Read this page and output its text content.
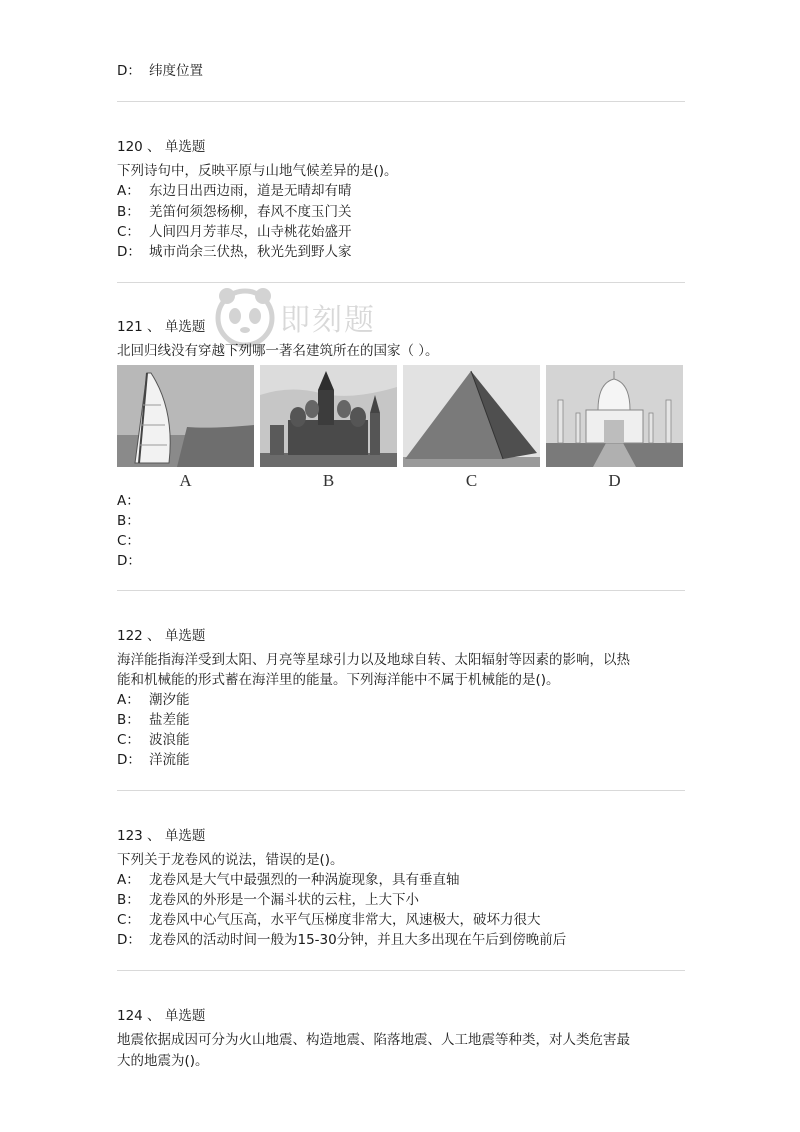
D： 纬度位置
120 、 单选题
下列诗句中，反映平原与山地气候差异的是()。
A： 东边日出西边雨，道是无晴却有晴
B： 羌笛何须怨杨柳，春风不度玉门关
C： 人间四月芳菲尽，山寺桃花始盛开
D： 城市尚余三伏热，秋光先到野人家
即刻题
121 、 单选题
北回归线没有穿越下列哪一著名建筑所在的国家（ ）。
A	B	C	D
A：
B：
C：
D：
122 、 单选题
海洋能指海洋受到太阳、月亮等星球引力以及地球自转、太阳辐射等因素的影响，以热
能和机械能的形式蓄在海洋里的能量。下列海洋能中不属于机械能的是()。
A： 潮汐能
B： 盐差能
C： 波浪能
D： 洋流能
123 、 单选题
下列关于龙卷风的说法，错误的是()。
A： 龙卷风是大气中最强烈的一种涡旋现象，具有垂直轴
B： 龙卷风的外形是一个漏斗状的云柱，上大下小
C： 龙卷风中心气压高，水平气压梯度非常大，风速极大，破坏力很大
D： 龙卷风的活动时间一般为15-30分钟，并且大多出现在午后到傍晚前后
124 、 单选题
地震依据成因可分为火山地震、构造地震、陷落地震、人工地震等种类，对人类危害最
大的地震为()。
